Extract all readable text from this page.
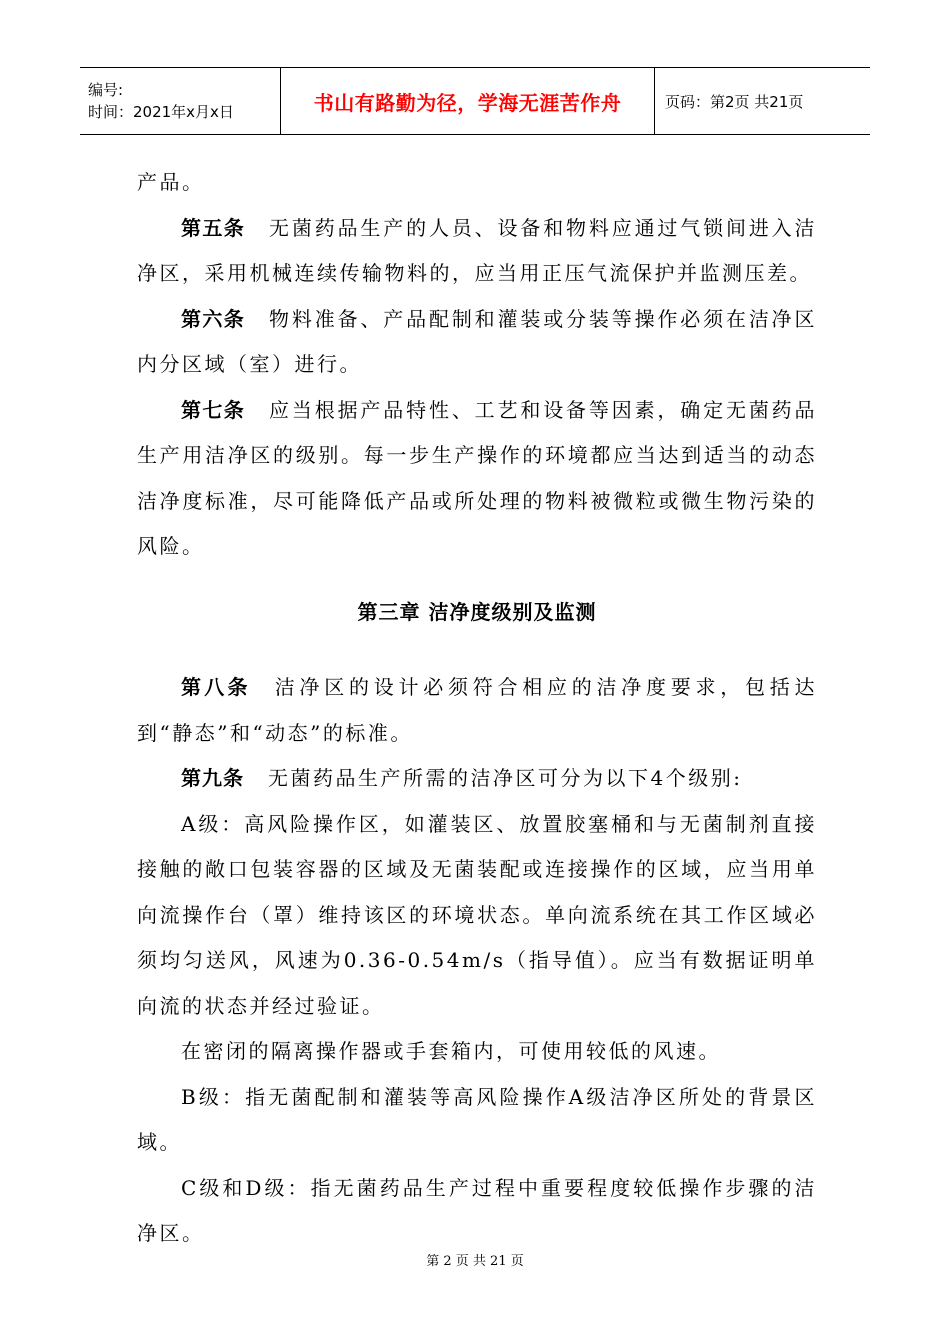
编号:
时间：2021年x月x日	书山有路勤为径，学海无涯苦作舟	页码：第2页 共21页

产品。

第五条 无菌药品生产的人员、设备和物料应通过气锁间进入洁净区，采用机械连续传输物料的，应当用正压气流保护并监测压差。

第六条 物料准备、产品配制和灌装或分装等操作必须在洁净区内分区域（室）进行。

第七条 应当根据产品特性、工艺和设备等因素，确定无菌药品生产用洁净区的级别。每一步生产操作的环境都应当达到适当的动态洁净度标准，尽可能降低产品或所处理的物料被微粒或微生物污染的风险。

第三章 洁净度级别及监测

第八条 洁净区的设计必须符合相应的洁净度要求，包括达到“静态”和“动态”的标准。

第九条 无菌药品生产所需的洁净区可分为以下4个级别:

A级：高风险操作区，如灌装区、放置胶塞桶和与无菌制剂直接接触的敞口包装容器的区域及无菌装配或连接操作的区域，应当用单向流操作台（罩）维持该区的环境状态。单向流系统在其工作区域必须均匀送风，风速为0.36-0.54m/s（指导值）。应当有数据证明单向流的状态并经过验证。

在密闭的隔离操作器或手套箱内，可使用较低的风速。

B级：指无菌配制和灌装等高风险操作A级洁净区所处的背景区域。

C级和D级：指无菌药品生产过程中重要程度较低操作步骤的洁净区。

第 2 页 共 21 页
